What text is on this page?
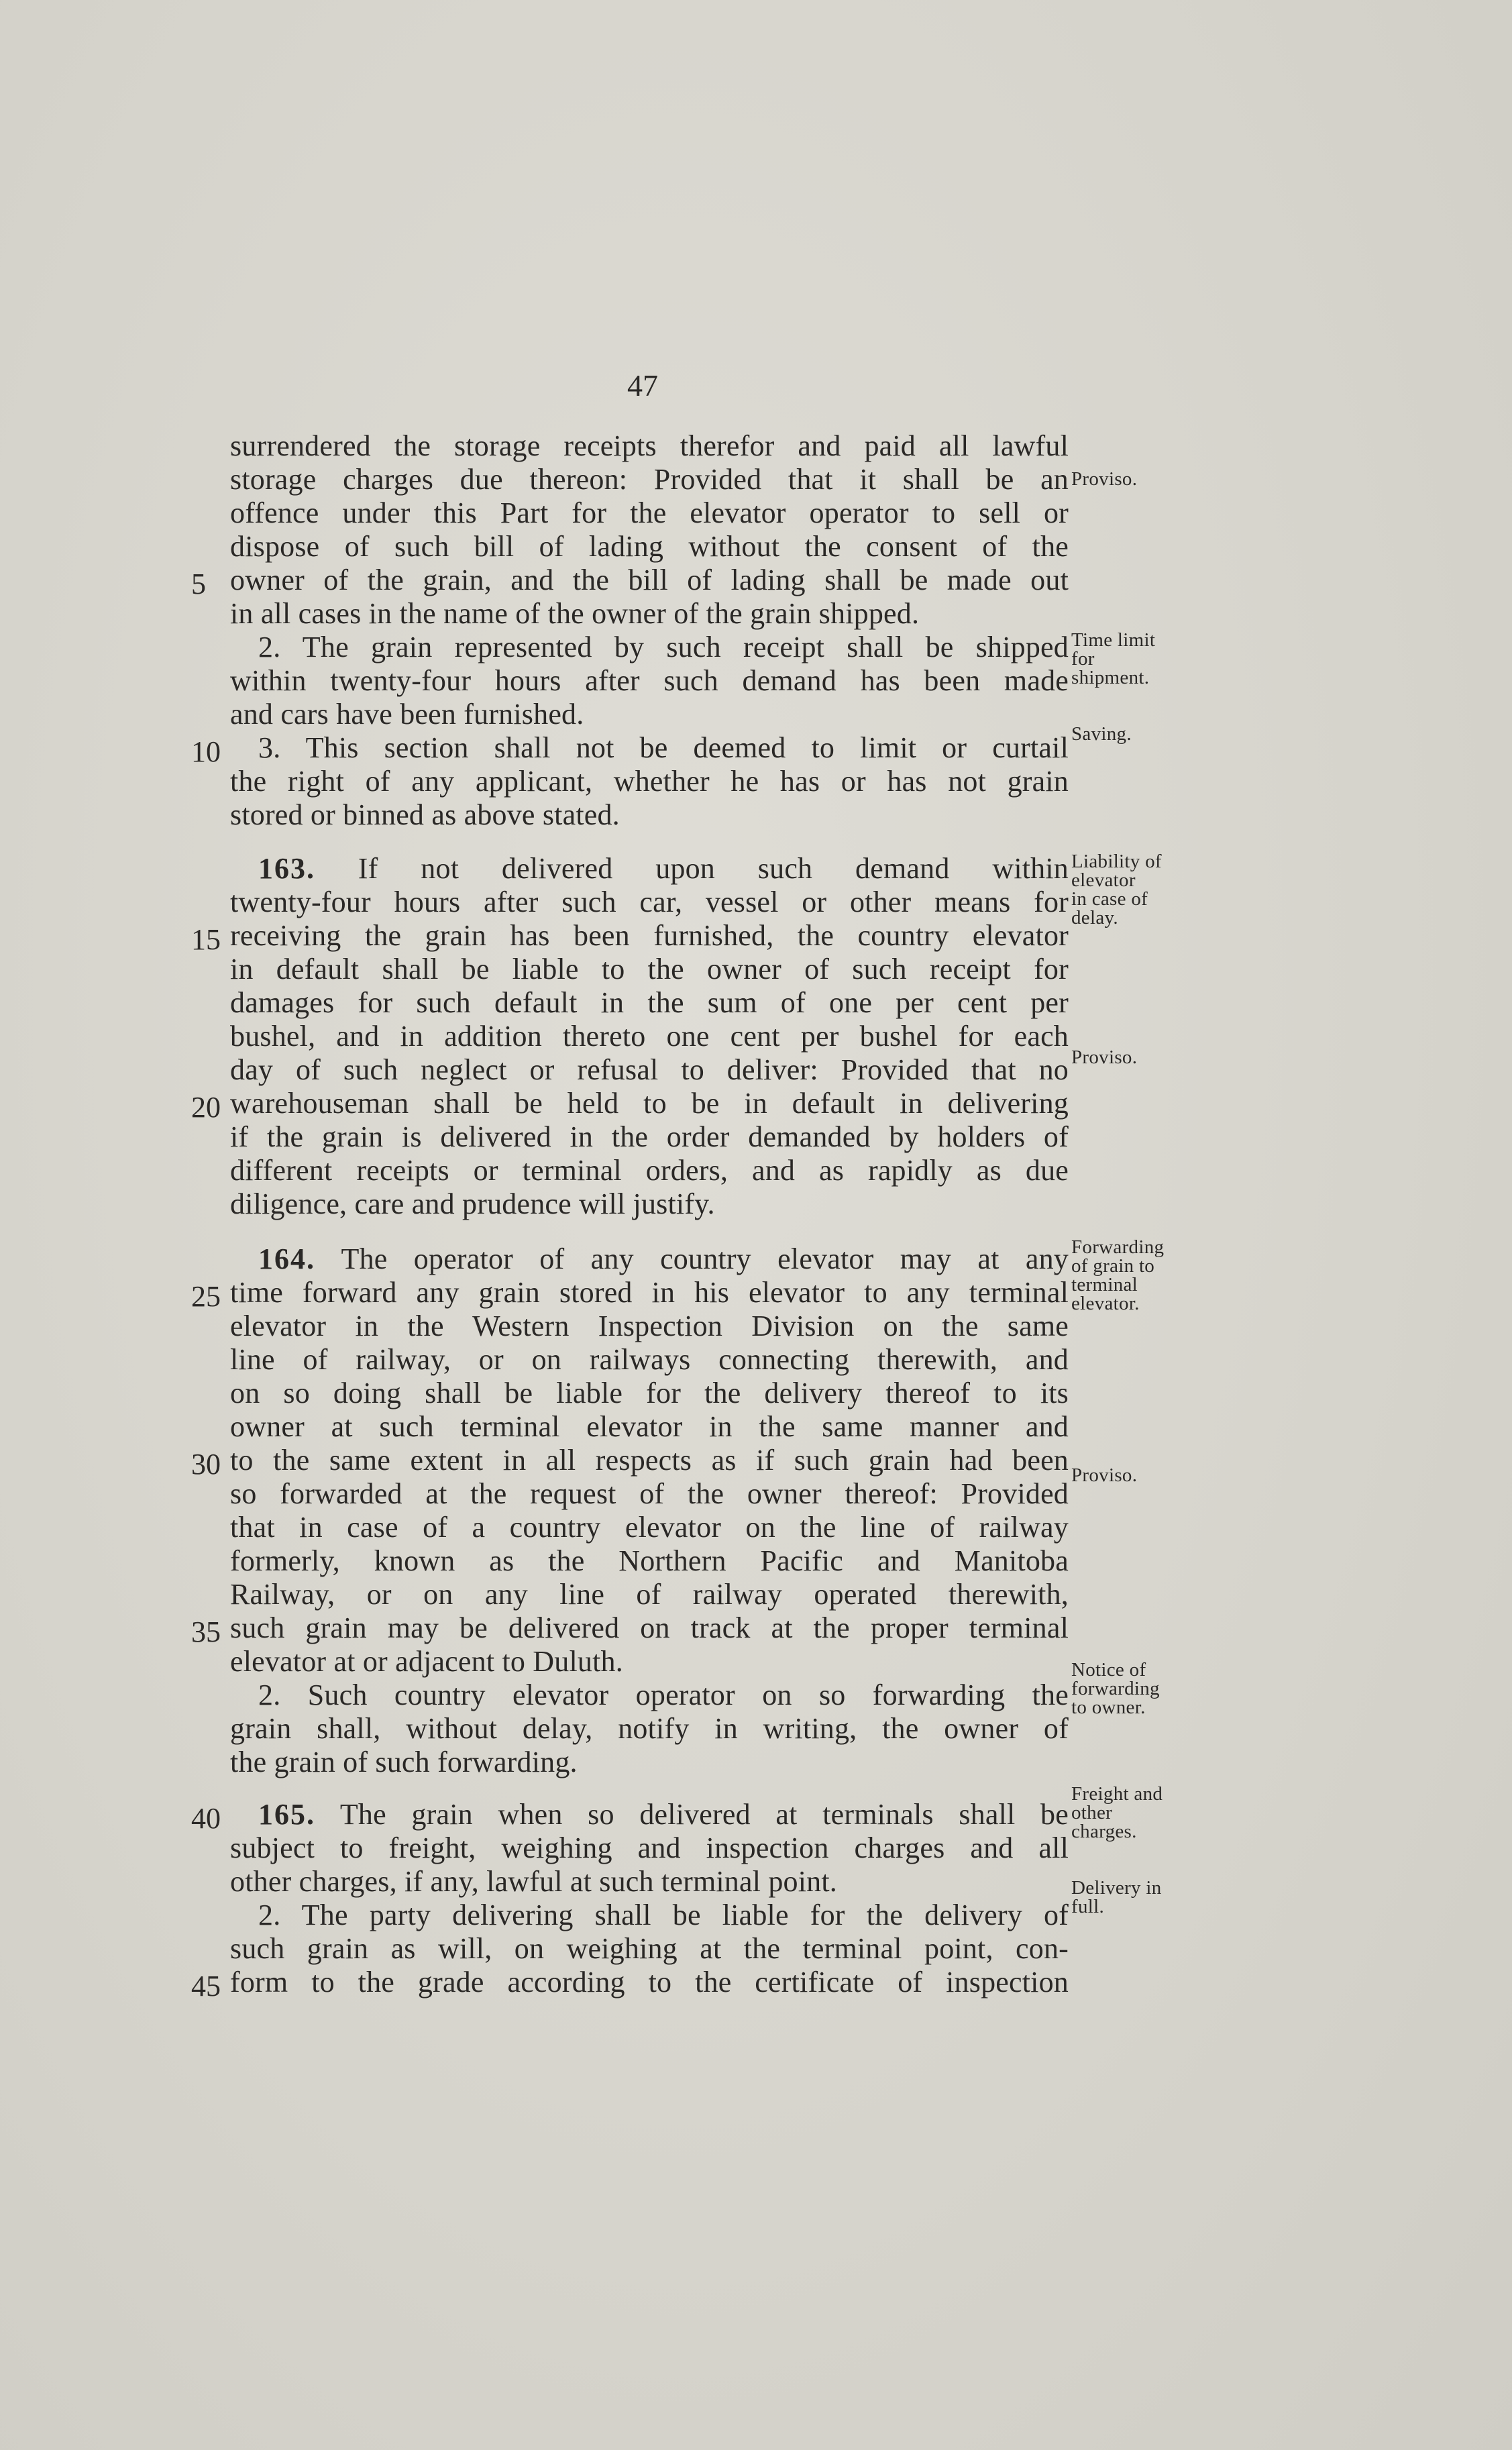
47
surrendered the storage receipts therefor and paid all lawful
storage charges due thereon: Provided that it shall be an
offence under this Part for the elevator operator to sell or
dispose of such bill of lading without the consent of the
owner of the grain, and the bill of lading shall be made out
5
in all cases in the name of the owner of the grain shipped.
2. The grain represented by such receipt shall be shipped
within twenty-four hours after such demand has been made
and cars have been furnished.
3. This section shall not be deemed to limit or curtail
10
the right of any applicant, whether he has or has not grain
stored or binned as above stated.
163. If not delivered upon such demand within
twenty-four hours after such car, vessel or other means for
receiving the grain has been furnished, the country elevator
15
in default shall be liable to the owner of such receipt for
damages for such default in the sum of one per cent per
bushel, and in addition thereto one cent per bushel for each
day of such neglect or refusal to deliver: Provided that no
warehouseman shall be held to be in default in delivering
20
if the grain is delivered in the order demanded by holders of
different receipts or terminal orders, and as rapidly as due
diligence, care and prudence will justify.
164. The operator of any country elevator may at any
time forward any grain stored in his elevator to any terminal
25
elevator in the Western Inspection Division on the same
line of railway, or on railways connecting therewith, and
on so doing shall be liable for the delivery thereof to its
owner at such terminal elevator in the same manner and
to the same extent in all respects as if such grain had been
30
so forwarded at the request of the owner thereof: Provided
that in case of a country elevator on the line of railway
formerly, known as the Northern Pacific and Manitoba
Railway, or on any line of railway operated therewith,
such grain may be delivered on track at the proper terminal
35
elevator at or adjacent to Duluth.
2. Such country elevator operator on so forwarding the
grain shall, without delay, notify in writing, the owner of
the grain of such forwarding.
165. The grain when so delivered at terminals shall be
40
subject to freight, weighing and inspection charges and all
other charges, if any, lawful at such terminal point.
2. The party delivering shall be liable for the delivery of
such grain as will, on weighing at the terminal point, con-
form to the grade according to the certificate of inspection
45
Proviso.
Time limit
for
shipment.
Saving.
Liability of
elevator
in case of
delay.
Proviso.
Forwarding
of grain to
terminal
elevator.
Proviso.
Notice of
forwarding
to owner.
Freight and
other
charges.
Delivery in
full.
